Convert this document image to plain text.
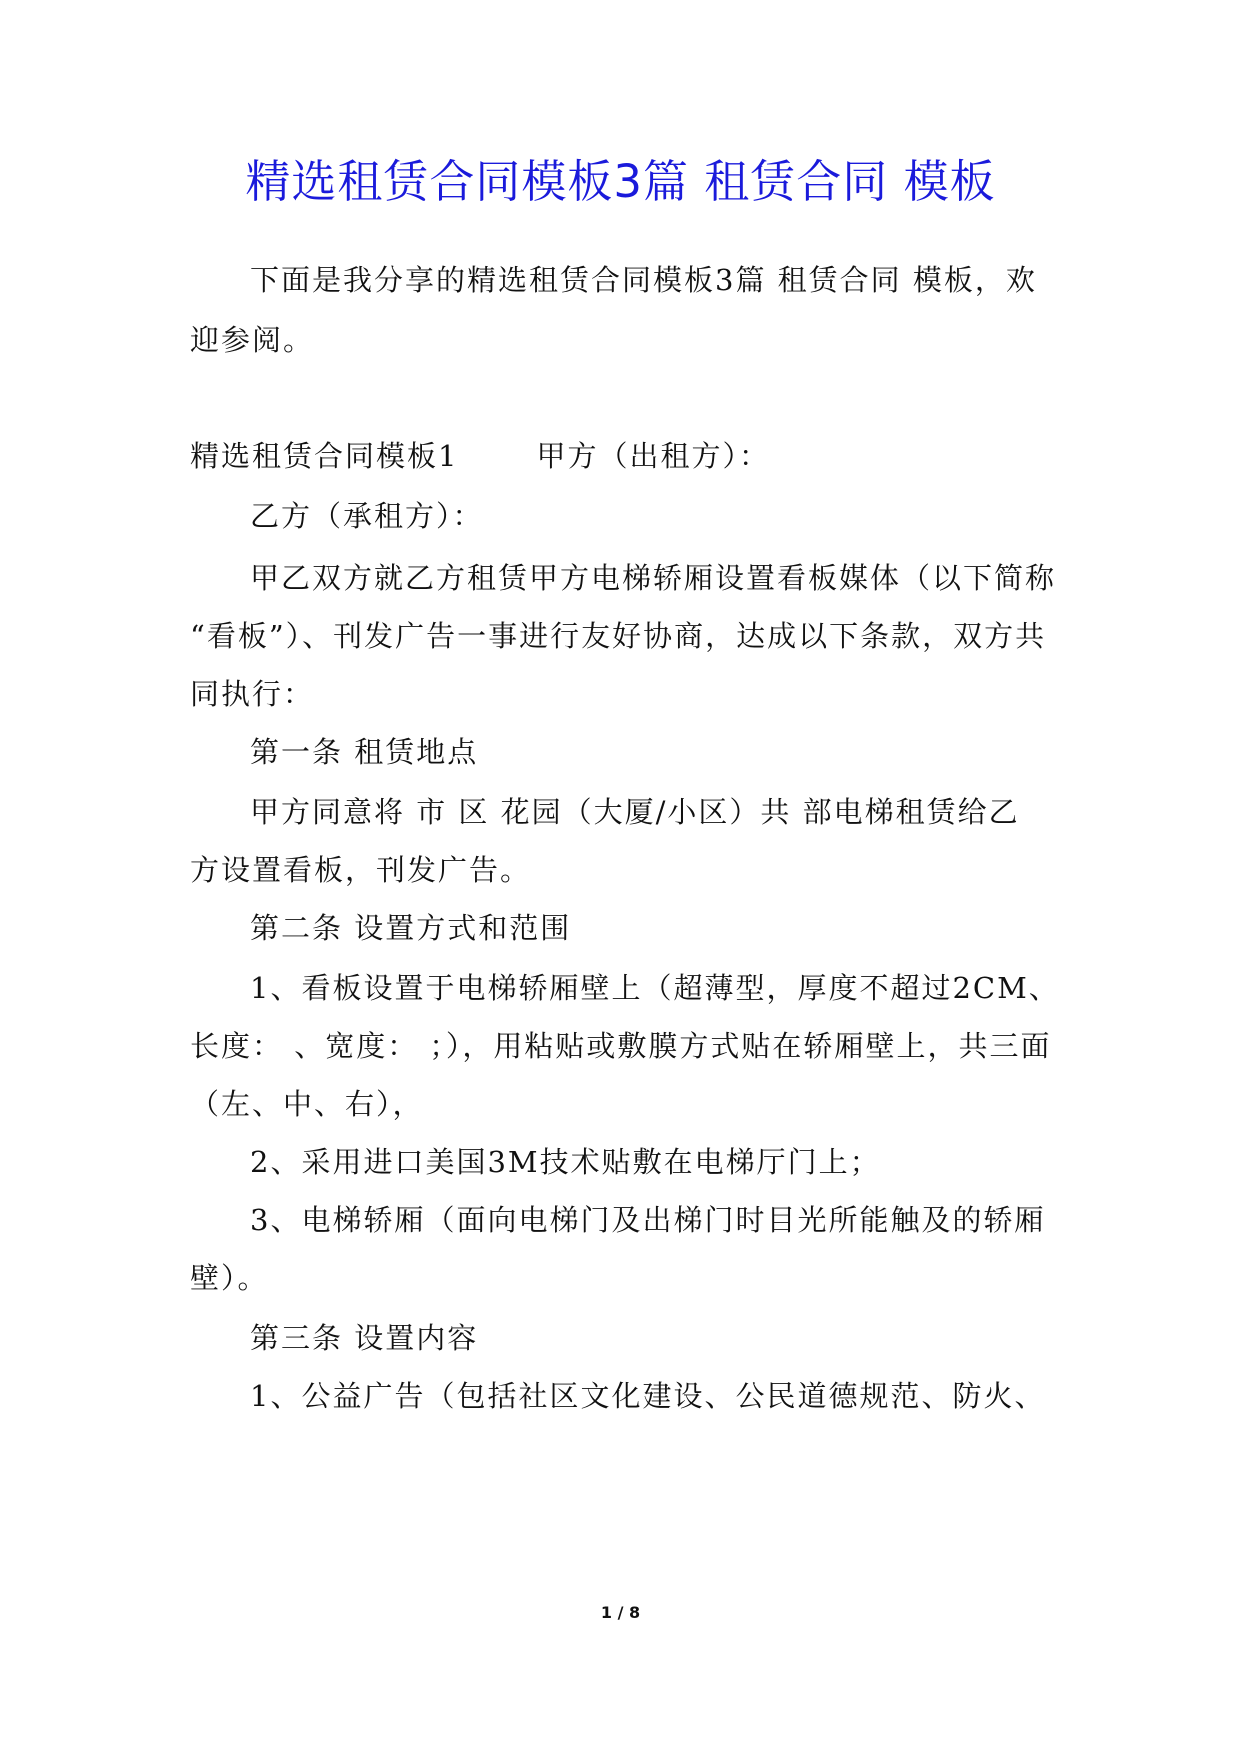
精选租赁合同模板3篇 租赁合同 模板
下面是我分享的精选租赁合同模板3篇 租赁合同 模板，欢
迎参阅。
精选租赁合同模板1	甲方（出租方）：
乙方（承租方）：
甲乙双方就乙方租赁甲方电梯轿厢设置看板媒体（以下简称
“看板”）、刊发广告一事进行友好协商，达成以下条款，双方共
同执行：
第一条 租赁地点
甲方同意将 市 区 花园（大厦/小区）共 部电梯租赁给乙
方设置看板，刊发广告。
第二条 设置方式和范围
1、看板设置于电梯轿厢壁上（超薄型，厚度不超过2CM、
长度： 、宽度： ；），用粘贴或敷膜方式贴在轿厢壁上，共三面
（左、中、右），
2、采用进口美国3M技术贴敷在电梯厅门上；
3、电梯轿厢（面向电梯门及出梯门时目光所能触及的轿厢
壁）。
第三条 设置内容
1、公益广告（包括社区文化建设、公民道德规范、防火、
1 / 8
